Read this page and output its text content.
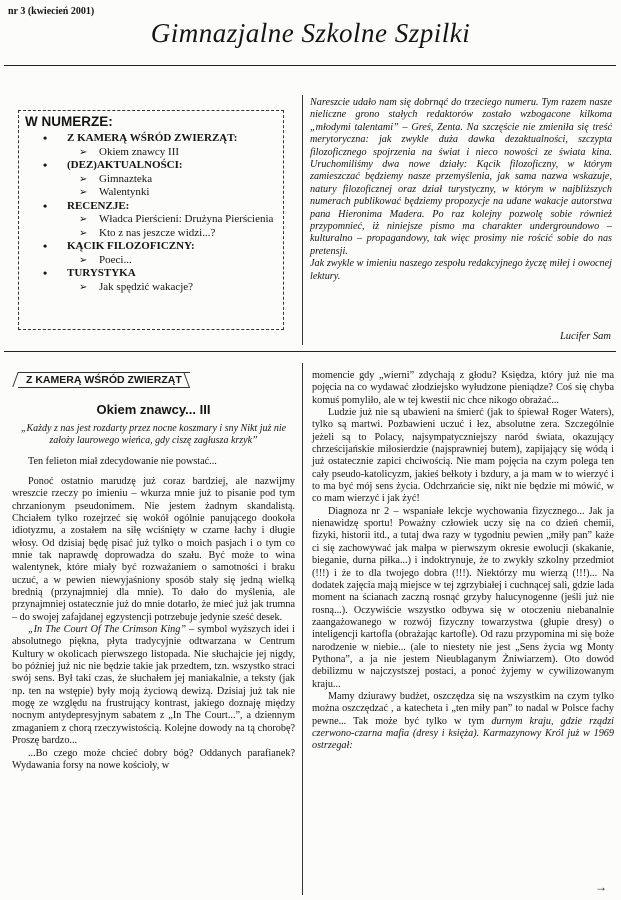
nr 3 (kwiecień 2001)
Gimnazjalne Szkolne Szpilki
W NUMERZE:
• Z KAMERĄ WŚRÓD ZWIERZĄT:
➢ Okiem znawcy III
• (DEZ)AKTUALNOŚCI:
➢ Gimnazteka
➢ Walentynki
• RECENZJE:
➢ Władca Pierścieni: Drużyna Pierścienia
➢ Kto z nas jeszcze widzi...?
• KĄCIK FILOZOFICZNY:
➢ Poeci...
• TURYSTYKA
➢ Jak spędzić wakacje?

Nareszcie udało nam się dobrnąć do trzeciego numeru. Tym razem nasze nieliczne grono stałych redaktorów zostało wzbogacone kilkoma „młodymi talentami” – Greś, Zenta. Na szczęście nie zmieniła się treść merytoryczna: jak zwykle duża dawka dezaktualności, szczypta filozoficznego spojrzenia na świat i nieco nowości ze świata kina. Uruchomiliśmy dwa nowe działy: Kącik filozoficzny, w którym zamieszczać będziemy nasze przemyślenia, jak sama nazwa wskazuje, natury filozoficznej oraz dział turystyczny, w którym w najbliższych numerach publikować będziemy propozycje na udane wakacje autorstwa pana Hieronima Madera. Po raz kolejny pozwolę sobie również przypomnieć, iż niniejsze pismo ma charakter undergroundowo – kulturalno – propagandowy, tak więc prosimy nie rościć sobie do nas pretensji.

Jak zwykle w imieniu naszego zespołu redakcyjnego życzę miłej i owocnej lektury.

Lucifer Sam
Z KAMERĄ WŚRÓD ZWIERZĄT
Okiem znawcy... III
„Każdy z nas jest rozdarty przez nocne koszmary i sny Nikt już nie założy laurowego wieńca, gdy ciszę zagłusza krzyk”

Ten felieton miał zdecydowanie nie powstać...

Ponoć ostatnio marudzę już coraz bardziej, ale nazwijmy wreszcie rzeczy po imieniu – wkurza mnie już to pisanie pod tym chrzanionym pseudonimem. Nie jestem żadnym skandalistą. Chciałem tylko rozejrzeć się wokół ogólnie panującego dookoła idiotyzmu, a zostałem na siłę wciśnięty w czarne łachy i długie włosy. Od dzisiaj będę pisać już tylko o moich pasjach i o tym co mnie tak naprawdę doprowadza do szału. Być może to wina walentynek, które miały być rozważaniem o samotności i braku uczuć, a w pewien niewyjaśniony sposób stały się jedną wielką brednią (przynajmniej dla mnie). To dało do myślenia, ale przynajmniej ostatecznie już do mnie dotarło, że mieć już jak trumna – do swojej zafajdanej egzystencji potrzebuje jedynie sześć desek.

„In The Court Of The Crimson King” – symbol wyższych idei i absolutnego piękna, płyta tradycyjnie odtwarzana w Centrum Kultury w okolicach pierwszego listopada. Nie słuchajcie jej nigdy, bo później już nic nie będzie takie jak przedtem, tzn. wszystko straci swój sens. Był taki czas, że słuchałem jej maniakalnie, a teksty (jak np. ten na wstępie) były moją życiową dewizą. Dzisiaj już tak nie mogę ze względu na frustrujący kontrast, jakiego doznaję między nocnym antydepresyjnym sabatem z „In The Court...”, a dziennym zmaganiem z chorą rzeczywistością. Kolejne dowody na tą chorobę? Proszę bardzo...

...Bo czego może chcieć dobry bóg? Oddanych parafianek? Wydawania forsy na nowe kościoły, w

momencie gdy „wierni” zdychają z głodu? Księdza, który już nie ma pojęcia na co wydawać złodziejsko wyłudzone pieniądze? Coś się chyba komuś pomyliło, ale w tej kwestii nic chce nikogo obrażać...

Ludzie już nie są ubawieni na śmierć (jak to śpiewał Roger Waters), tylko są martwi. Pozbawieni uczuć i łez, absolutne zera. Szczególnie jeżeli są to Polacy, najsympatyczniejszy naród świata, okazujący chrześcijańskie miłosierdzie (najsprawniej butem), zapijający się wódą i już ostatecznie zapici chciwością. Nie mam pojęcia na czym polega ten cały pseudo-katolicyzm, jakieś bełkoty i bzdury, a ja mam w to wierzyć i to ma być mój sens życia. Odchrzańcie się, nikt nie będzie mi mówić, w co mam wierzyć i jak żyć!

Diagnoza nr 2 – wspaniałe lekcje wychowania fizycznego... Jak ja nienawidzę sportu! Poważny człowiek uczy się na co dzień chemii, fizyki, historii itd., a tutaj dwa razy w tygodniu pewien „miły pan” każe ci się zachowywać jak małpa w pierwszym okresie ewolucji (skakanie, bieganie, durna piłka...) i indoktrynuje, że to zwykły szkolny przedmiot (!!!) i że to dla twojego dobra (!!!). Niektórzy mu wierzą (!!!)... Na dodatek zajęcia mają miejsce w tej zgrzybiałej i cuchnącej sali, gdzie lada moment na ścianach zaczną rosnąć grzyby halucynogenne (jeśli już nie rosną...). Oczywiście wszystko odbywa się w otoczeniu niebanalnie zaangażowanego w rozwój fizyczny towarzystwa (głupie dresy) o inteligencji kartofla (obrażając kartofle). Od razu przypomina mi się boże narodzenie w niebie... (ale to niestety nie jest „Sens życia wg Monty Pythona”, a ja nie jestem Nieublaganym Żniwiarzem). Oto dowód debilizmu w najczystszej postaci, a ponoć żyjemy w cywilizowanym kraju...

Mamy dziurawy budżet, oszczędza się na wszystkim na czym tylko można oszczędzać , a katecheta i „ten miły pan” to nadal w Polsce fachy pewne... Tak może być tylko w tym durnym kraju, gdzie rządzi czerwono-czarna mafia (dresy i księża). Karmazynowy Król już w 1969 ostrzegał:

→
